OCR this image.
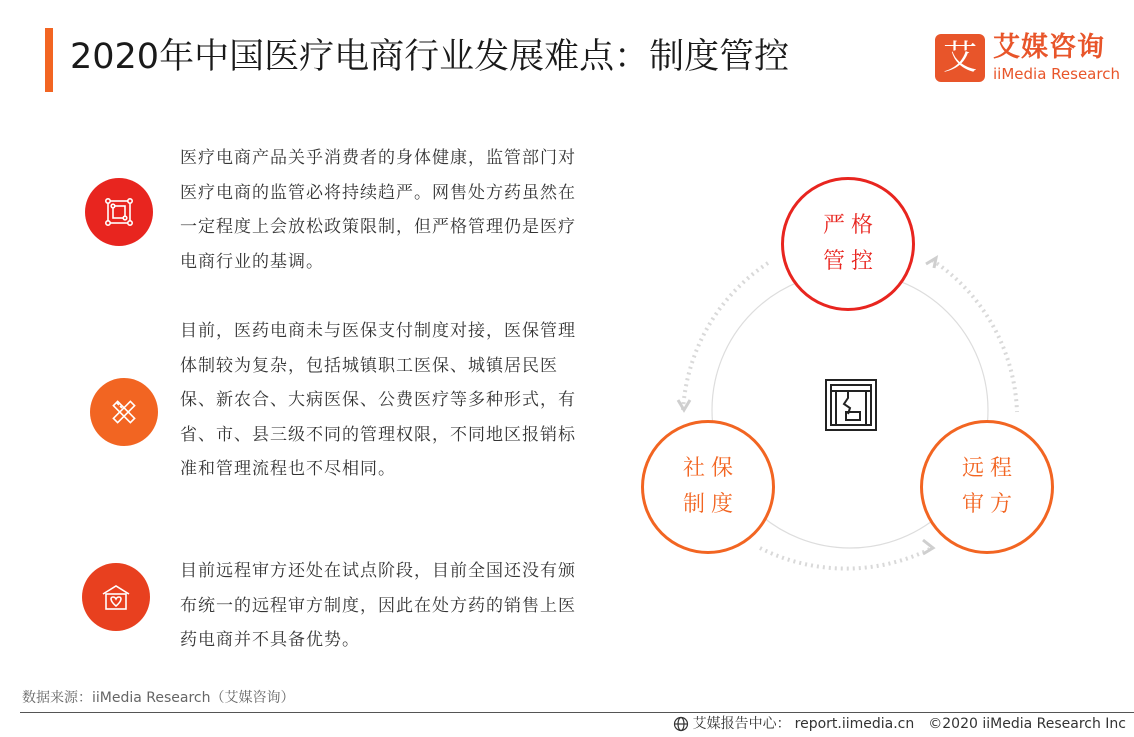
2020年中国医疗电商行业发展难点：制度管控	艾 艾媒咨询
iiMedia Research
医疗电商产品关乎消费者的身体健康，监管部门对医疗电商的监管必将持续趋严。网售处方药虽然在一定程度上会放松政策限制，但严格管理仍是医疗电商行业的基调。
目前，医药电商未与医保支付制度对接，医保管理体制较为复杂，包括城镇职工医保、城镇居民医保、新农合、大病医保、公费医疗等多种形式，有省、市、县三级不同的管理权限，不同地区报销标准和管理流程也不尽相同。
目前远程审方还处在试点阶段，目前全国还没有颁布统一的远程审方制度，因此在处方药的销售上医药电商并不具备优势。
严格
管控
社保
制度
远程
审方
数据来源：iiMedia Research（艾媒咨询）
艾媒报告中心： report.iimedia.cn ©2020 iiMedia Research Inc
